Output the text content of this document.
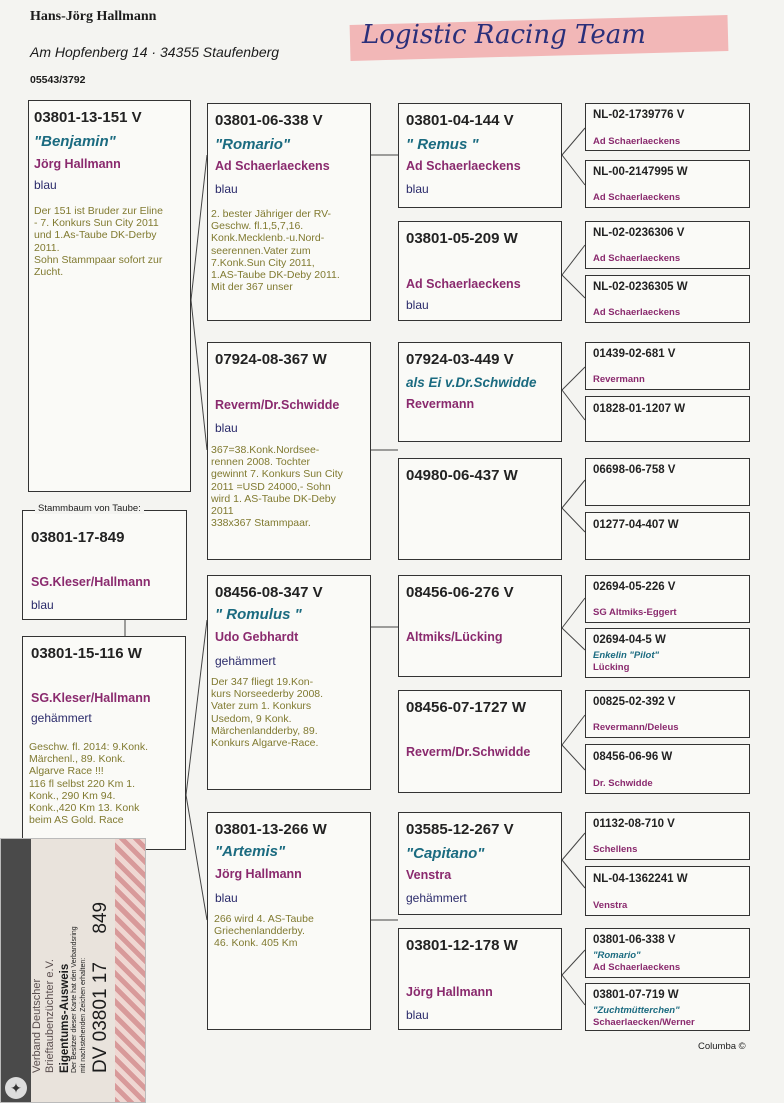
Hans-Jörg Hallmann
Am Hopfenberg 14 · 34355 Staufenberg
05543/3792
Logistic Racing Team
03801-13-151 V
"Benjamin"
Jörg Hallmann
blau
Der 151 ist Bruder zur Eline
- 7. Konkurs Sun City 2011
und 1.As-Taube DK-Derby
2011.
Sohn Stammpaar sofort zur
Zucht.
Stammbaum von Taube:
03801-17-849
SG.Kleser/Hallmann
blau
03801-15-116 W
SG.Kleser/Hallmann
gehämmert
Geschw. fl. 2014: 9.Konk.
Märchenl., 89. Konk.
Algarve Race !!!
116 fl selbst 220 Km 1.
Konk., 290 Km 94.
Konk.,420 Km 13. Konk
beim AS Gold. Race
03801-06-338 V
"Romario"
Ad Schaerlaeckens
blau
2. bester Jähriger der RV-
Geschw. fl.1,5,7,16.
Konk.Mecklenb.-u.Nord-
seerennen.Vater zum
7.Konk.Sun City 2011,
1.AS-Taube DK-Deby 2011.
Mit der 367 unser
07924-08-367 W
Reverm/Dr.Schwidde
blau
367=38.Konk.Nordsee-
rennen 2008. Tochter
gewinnt 7. Konkurs Sun City
2011 =USD 24000,- Sohn
wird 1. AS-Taube DK-Deby
2011
338x367 Stammpaar.
08456-08-347 V
" Romulus "
Udo Gebhardt
gehämmert
Der 347 fliegt 19.Kon-
kurs Norseederby 2008.
Vater zum 1. Konkurs
Usedom, 9 Konk.
Märchenlandderby, 89.
Konkurs Algarve-Race.
03801-13-266 W
"Artemis"
Jörg Hallmann
blau
266 wird 4. AS-Taube
Griechenlandderby.
46. Konk. 405 Km
03801-04-144 V
" Remus "
Ad Schaerlaeckens
blau
03801-05-209 W
Ad Schaerlaeckens
blau
07924-03-449 V
als Ei v.Dr.Schwidde
Revermann
04980-06-437 W
08456-06-276 V
Altmiks/Lücking
08456-07-1727 W
Reverm/Dr.Schwidde
03585-12-267 V
"Capitano"
Venstra
gehämmert
03801-12-178 W
Jörg Hallmann
blau
NL-02-1739776 V
Ad Schaerlaeckens
NL-00-2147995 W
Ad Schaerlaeckens
NL-02-0236306 V
Ad Schaerlaeckens
NL-02-0236305 W
Ad Schaerlaeckens
01439-02-681 V
Revermann
01828-01-1207 W
06698-06-758 V
01277-04-407 W
02694-05-226 V
SG Altmiks-Eggert
02694-04-5 W
Enkelin "Pilot"
Lücking
00825-02-392 V
Revermann/Deleus
08456-06-96 W
Dr. Schwidde
01132-08-710 V
Schellens
NL-04-1362241 W
Venstra
03801-06-338 V
"Romario"
Ad Schaerlaeckens
03801-07-719 W
"Zuchtmütterchen"
Schaerlaecken/Werner
Columba ©
✦
Verband Deutscher
Brieftaubenzüchter e.V. Eigentums-Ausweis Der Besitzer dieser Karte hat den Verbandsring
mit nachstehenden Zeichen erhalten: DV 03801 17 849
